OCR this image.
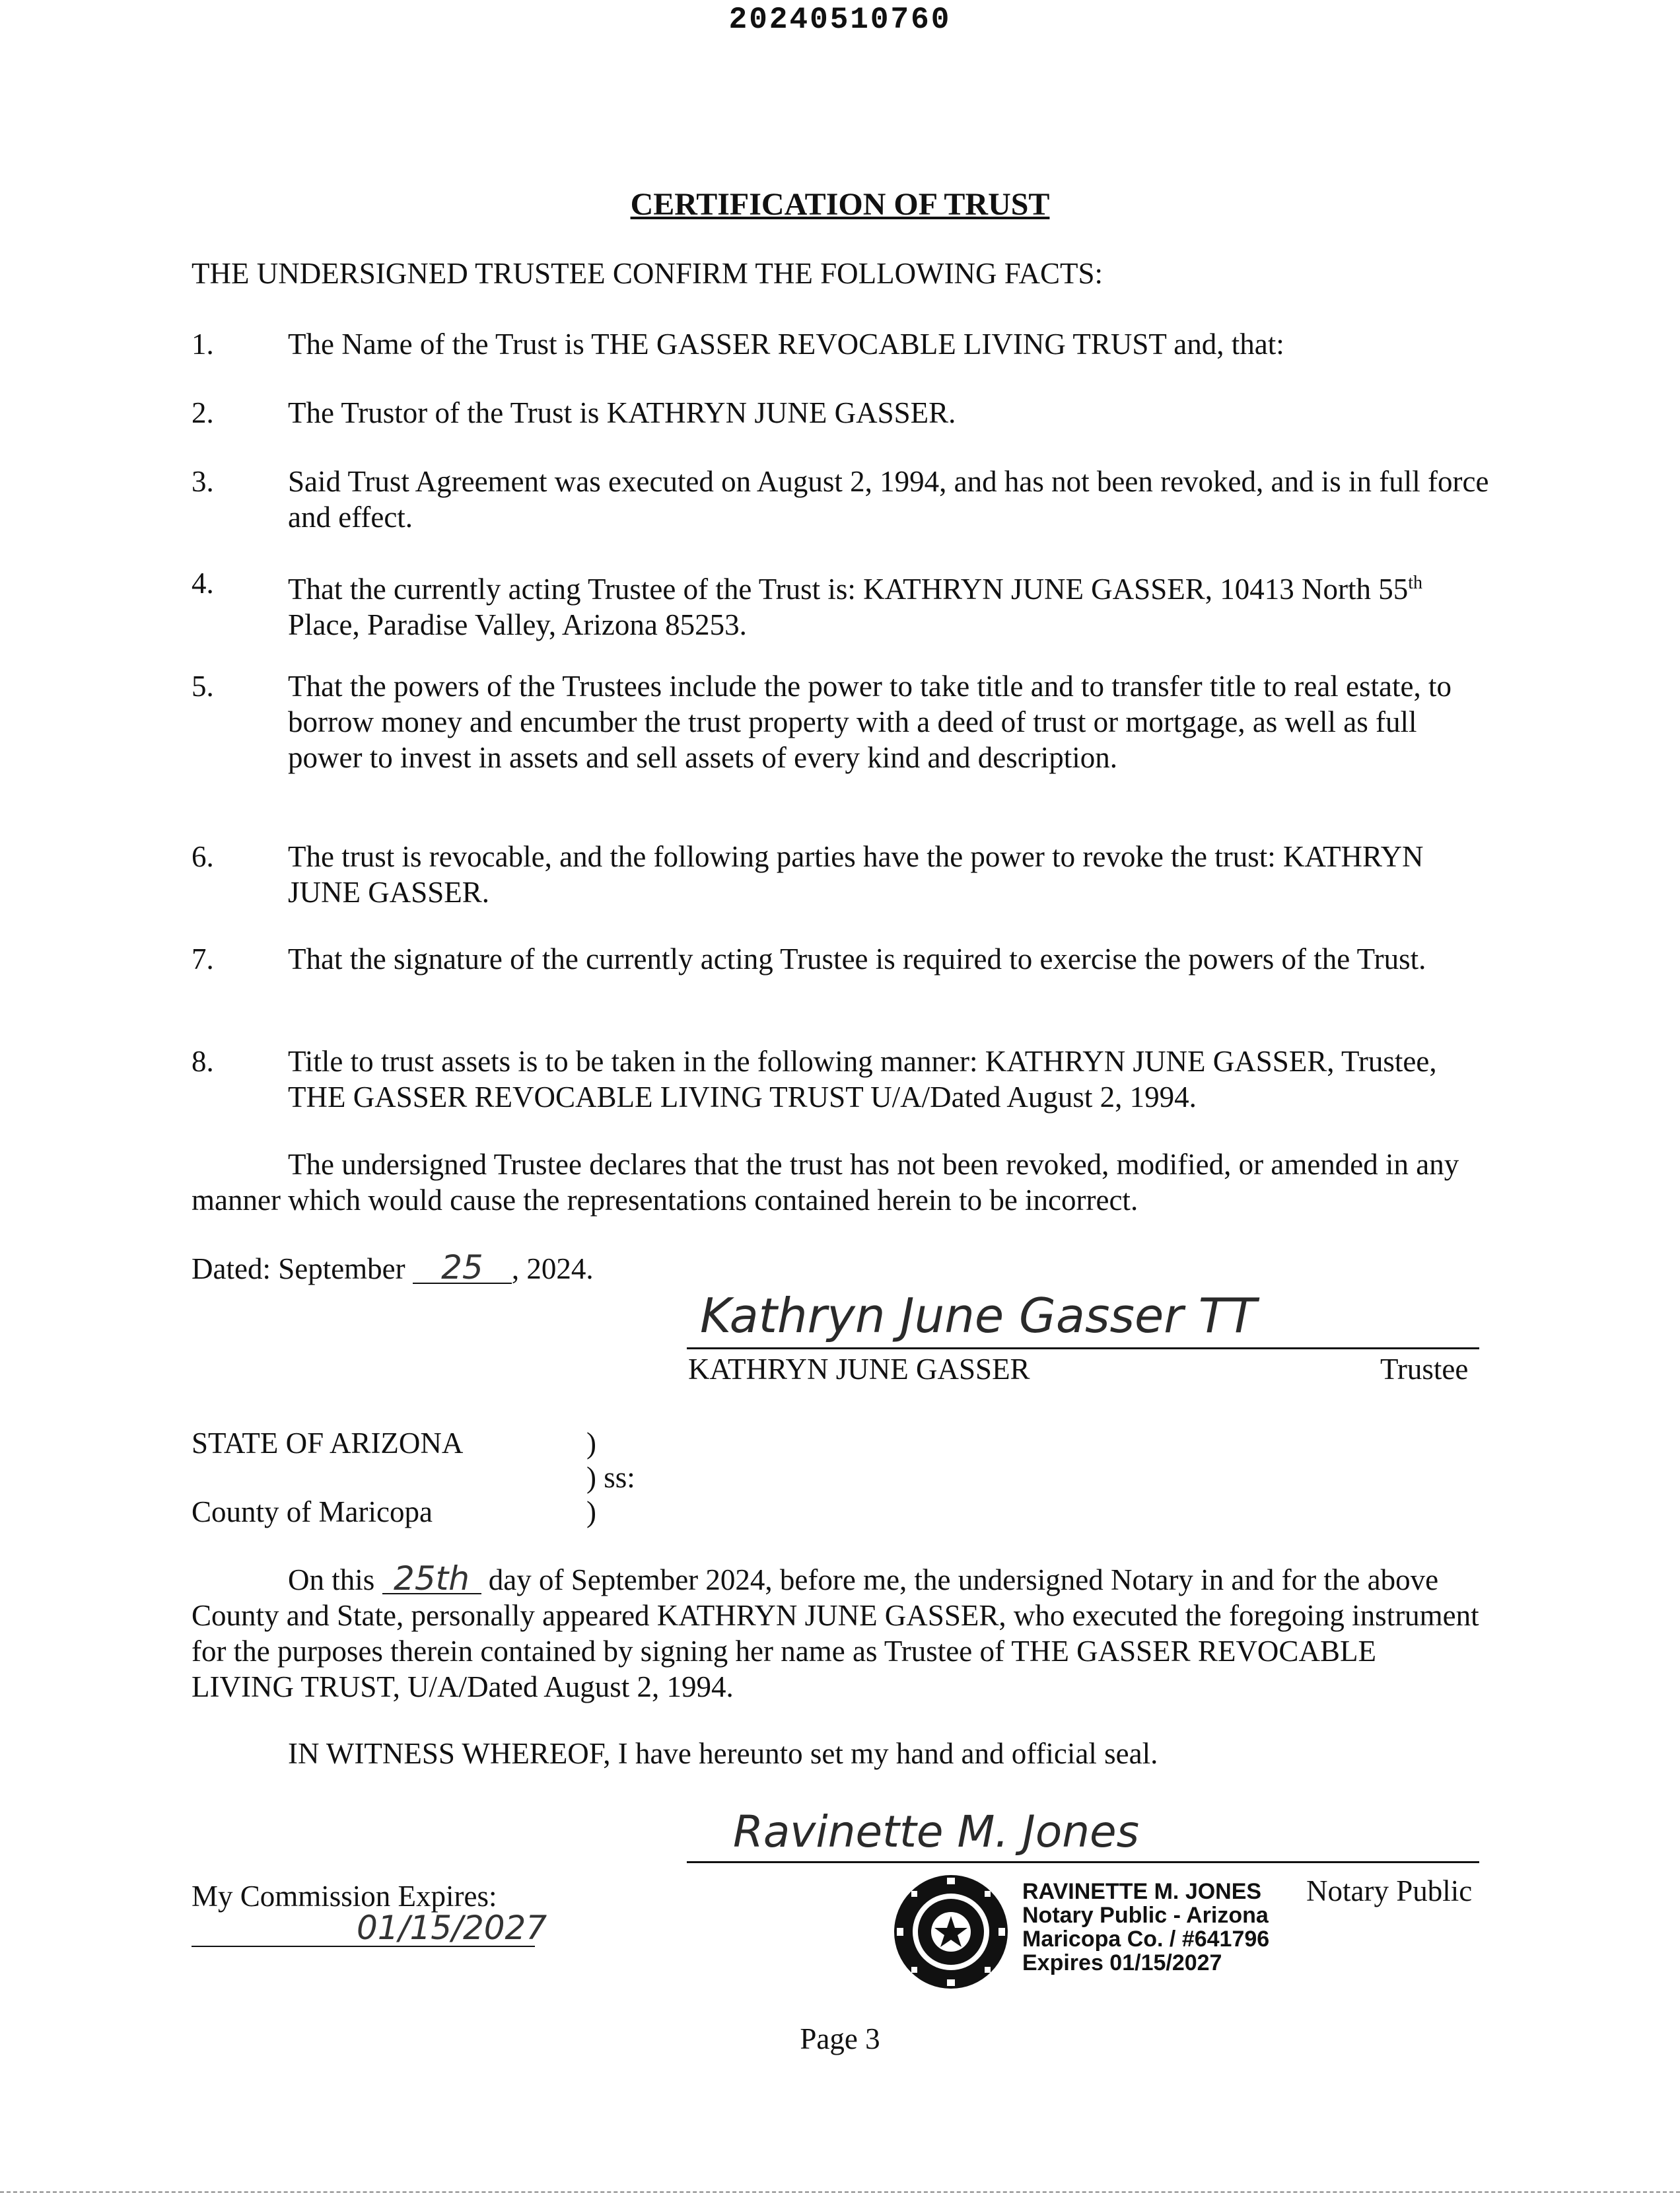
20240510760
CERTIFICATION OF TRUST
THE UNDERSIGNED TRUSTEE CONFIRM THE FOLLOWING FACTS:
1. The Name of the Trust is THE GASSER REVOCABLE LIVING TRUST and, that:
2. The Trustor of the Trust is KATHRYN JUNE GASSER.
3. Said Trust Agreement was executed on August 2, 1994, and has not been revoked, and is in full force and effect.
4. That the currently acting Trustee of the Trust is: KATHRYN JUNE GASSER, 10413 North 55th Place, Paradise Valley, Arizona 85253.
5. That the powers of the Trustees include the power to take title and to transfer title to real estate, to borrow money and encumber the trust property with a deed of trust or mortgage, as well as full power to invest in assets and sell assets of every kind and description.
6. The trust is revocable, and the following parties have the power to revoke the trust: KATHRYN JUNE GASSER.
7. That the signature of the currently acting Trustee is required to exercise the powers of the Trust.
8. Title to trust assets is to be taken in the following manner: KATHRYN JUNE GASSER, Trustee, THE GASSER REVOCABLE LIVING TRUST U/A/Dated August 2, 1994.
The undersigned Trustee declares that the trust has not been revoked, modified, or amended in any manner which would cause the representations contained herein to be incorrect.
Dated: September 25 , 2024.
Kathryn June Gasser TT
KATHRYN JUNE GASSER	Trustee
STATE OF ARIZONA	)
) ss:
County of Maricopa	)
On this 25th day of September 2024, before me, the undersigned Notary in and for the above County and State, personally appeared KATHRYN JUNE GASSER, who executed the foregoing instrument for the purposes therein contained by signing her name as Trustee of THE GASSER REVOCABLE LIVING TRUST, U/A/Dated August 2, 1994.
IN WITNESS WHEREOF, I have hereunto set my hand and official seal.
Ravinette M. Jones
RAVINETTE M. JONES
Notary Public - Arizona
Maricopa Co. / #641796
Expires 01/15/2027
Notary Public
My Commission Expires:
01/15/2027
Page 3
